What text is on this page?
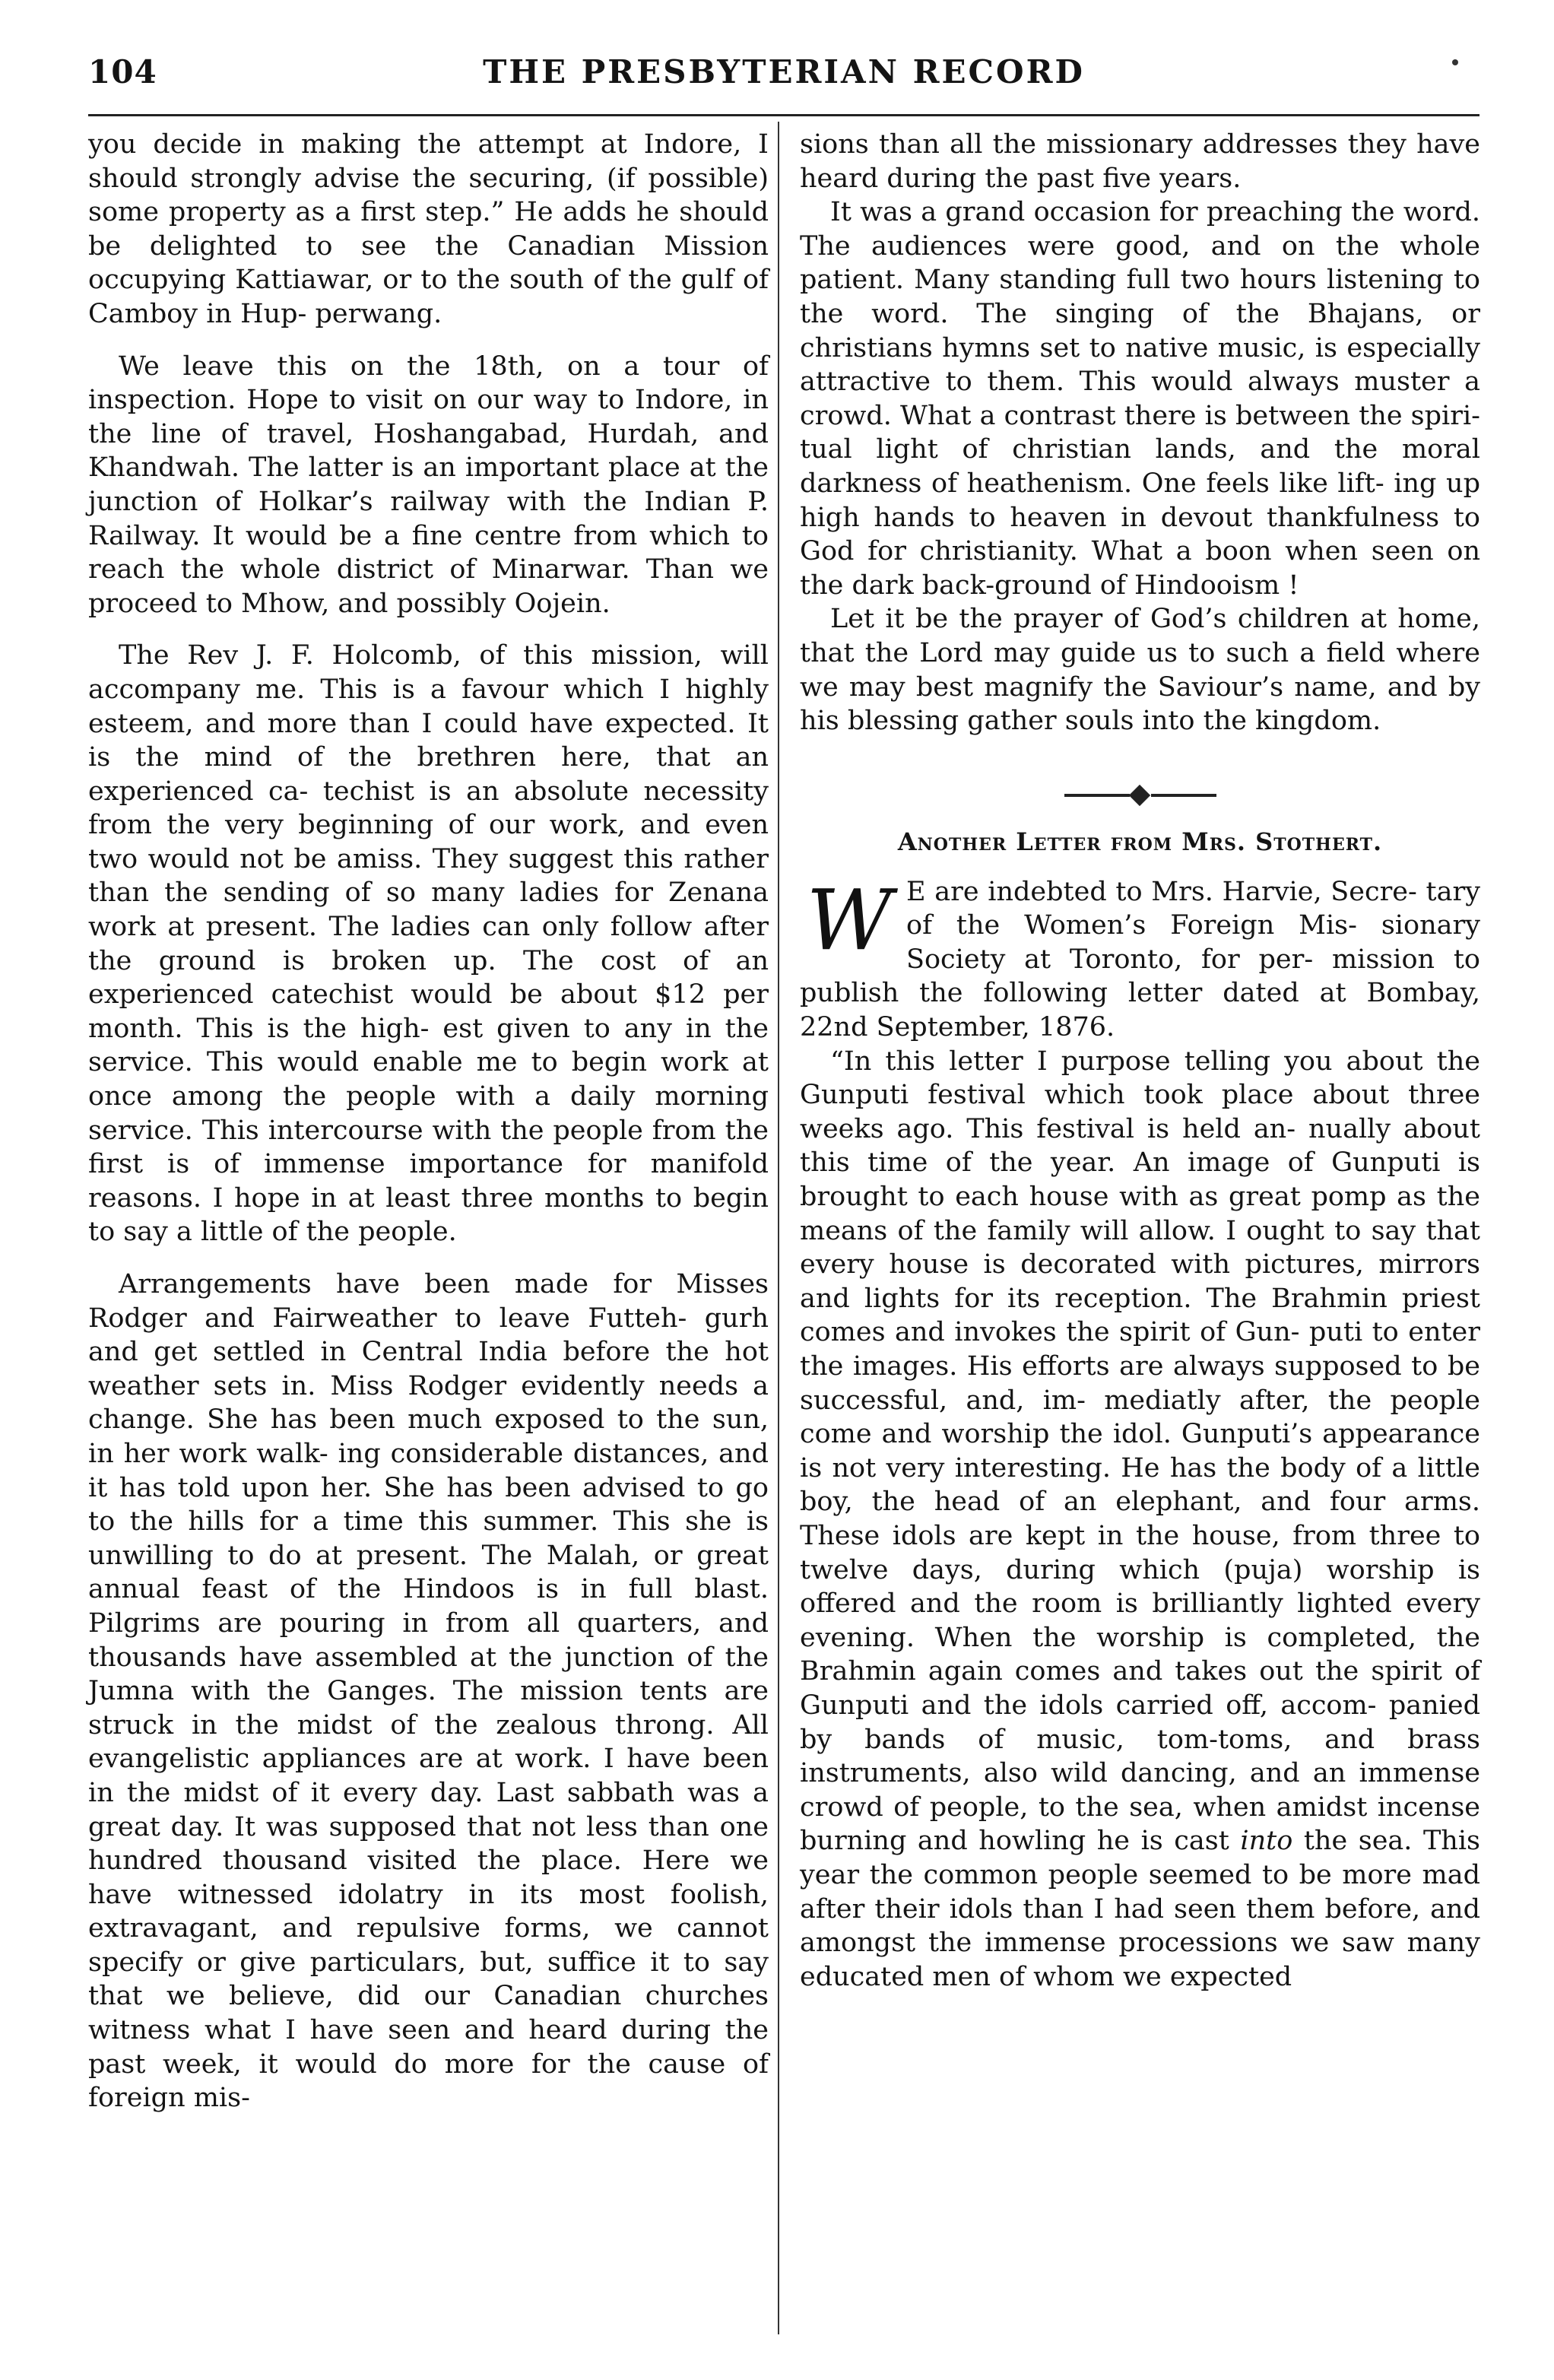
104	THE PRESBYTERIAN RECORD

you decide in making the attempt at Indore, I should strongly advise the securing, (if possible) some property as a first step.” He adds he should be delighted to see the Canadian Mission occupying Kattiawar, or to the south of the gulf of Camboy in Hup- perwang.

We leave this on the 18th, on a tour of inspection. Hope to visit on our way to Indore, in the line of travel, Hoshangabad, Hurdah, and Khandwah. The latter is an important place at the junction of Holkar’s railway with the Indian P. Railway. It would be a fine centre from which to reach the whole district of Minarwar. Than we proceed to Mhow, and possibly Oojein.

The Rev J. F. Holcomb, of this mission, will accompany me. This is a favour which I highly esteem, and more than I could have expected. It is the mind of the brethren here, that an experienced ca- techist is an absolute necessity from the very beginning of our work, and even two would not be amiss. They suggest this rather than the sending of so many ladies for Zenana work at present. The ladies can only follow after the ground is broken up. The cost of an experienced catechist would be about $12 per month. This is the high- est given to any in the service. This would enable me to begin work at once among the people with a daily morning service. This intercourse with the people from the first is of immense importance for manifold reasons. I hope in at least three months to begin to say a little of the people.

Arrangements have been made for Misses Rodger and Fairweather to leave Futteh- gurh and get settled in Central India before the hot weather sets in. Miss Rodger evidently needs a change. She has been much exposed to the sun, in her work walk- ing considerable distances, and it has told upon her. She has been advised to go to the hills for a time this summer. This she is unwilling to do at present. The Malah, or great annual feast of the Hindoos is in full blast. Pilgrims are pouring in from all quarters, and thousands have assembled at the junction of the Jumna with the Ganges. The mission tents are struck in the midst of the zealous throng. All evangelistic appliances are at work. I have been in the midst of it every day. Last sabbath was a great day. It was supposed that not less than one hundred thousand visited the place. Here we have witnessed idolatry in its most foolish, extravagant, and repulsive forms, we cannot specify or give particulars, but, suffice it to say that we believe, did our Canadian churches witness what I have seen and heard during the past week, it would do more for the cause of foreign mis-

sions than all the missionary addresses they have heard during the past five years.

It was a grand occasion for preaching the word. The audiences were good, and on the whole patient. Many standing full two hours listening to the word. The singing of the Bhajans, or christians hymns set to native music, is especially attractive to them. This would always muster a crowd. What a contrast there is between the spiri- tual light of christian lands, and the moral darkness of heathenism. One feels like lift- ing up high hands to heaven in devout thankfulness to God for christianity. What a boon when seen on the dark back-ground of Hindooism !

Let it be the prayer of God’s children at home, that the Lord may guide us to such a field where we may best magnify the Saviour’s name, and by his blessing gather souls into the kingdom.

Another Letter from Mrs. Stothert.

W E are indebted to Mrs. Harvie, Secre- tary of the Women’s Foreign Mis- sionary Society at Toronto, for per- mission to publish the following letter dated at Bombay, 22nd September, 1876.

“In this letter I purpose telling you about the Gunputi festival which took place about three weeks ago. This festival is held an- nually about this time of the year. An image of Gunputi is brought to each house with as great pomp as the means of the family will allow. I ought to say that every house is decorated with pictures, mirrors and lights for its reception. The Brahmin priest comes and invokes the spirit of Gun- puti to enter the images. His efforts are always supposed to be successful, and, im- mediatly after, the people come and worship the idol. Gunputi’s appearance is not very interesting. He has the body of a little boy, the head of an elephant, and four arms. These idols are kept in the house, from three to twelve days, during which (puja) worship is offered and the room is brilliantly lighted every evening. When the worship is completed, the Brahmin again comes and takes out the spirit of Gunputi and the idols carried off, accom- panied by bands of music, tom-toms, and brass instruments, also wild dancing, and an immense crowd of people, to the sea, when amidst incense burning and howling he is cast into the sea. This year the common people seemed to be more mad after their idols than I had seen them before, and amongst the immense processions we saw many educated men of whom we expected
